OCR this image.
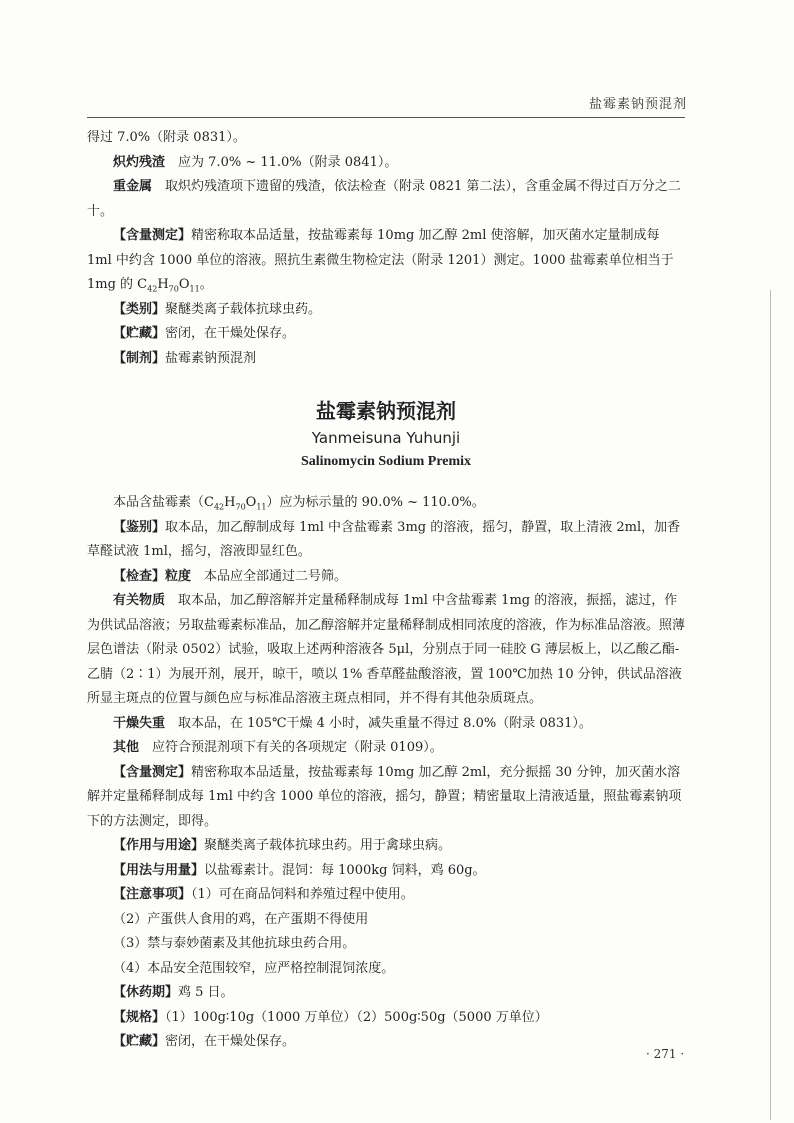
盐霉素钠预混剂

得过 7.0%（附录 0831）。

炽灼残渣　 应为 7.0% ~ 11.0%（附录 0841）。

重金属　 取炽灼残渣项下遗留的残渣，依法检查（附录 0821 第二法），含重金属不得过百万分之二十。

【含量测定】精密称取本品适量，按盐霉素每 10mg 加乙醇 2ml 使溶解，加灭菌水定量制成每 1ml 中约含 1000 单位的溶液。照抗生素微生物检定法（附录 1201）测定。1000 盐霉素单位相当于 1mg 的 $C_{42}H_{70}O_{11}$。

【类别】聚醚类离子载体抗球虫药。

【贮藏】密闭，在干燥处保存。

【制剂】盐霉素钠预混剂

盐霉素钠预混剂
Yanmeisuna Yuhunji
Salinomycin Sodium Premix

本品含盐霉素$(C_{42}H_{70}O_{11})$应为标示量的 90.0% ~ 110.0%。

【鉴别】取本品，加乙醇制成每 1ml 中含盐霉素 3mg 的溶液，摇匀，静置，取上清液 2ml，加香草醛试液 1ml，摇匀，溶液即显红色。

【检查】粒度　 本品应全部通过二号筛。

有关物质　 取本品，加乙醇溶解并定量稀释制成每 1ml 中含盐霉素 1mg 的溶液，振摇，滤过，作为供试品溶液；另取盐霉素标准品，加乙醇溶解并定量稀释制成相同浓度的溶液，作为标准品溶液。照薄层色谱法（附录 0502）试验，吸取上述两种溶液各 5μl，分别点于同一硅胶 G 薄层板上，以乙酸乙酯-乙腈（2∶1）为展开剂，展开，晾干，喷以 1% 香草醛盐酸溶液，置 100℃加热 10 分钟，供试品溶液所显主斑点的位置与颜色应与标准品溶液主斑点相同，并不得有其他杂质斑点。

干燥失重　 取本品，在 105℃干燥 4 小时，减失重量不得过 8.0%（附录 0831）。

其他　 应符合预混剂项下有关的各项规定（附录 0109）。

【含量测定】精密称取本品适量，按盐霉素每 10mg 加乙醇 2ml，充分振摇 30 分钟，加灭菌水溶解并定量稀释制成每 1ml 中约含 1000 单位的溶液，摇匀，静置；精密量取上清液适量，照盐霉素钠项下的方法测定，即得。

【作用与用途】聚醚类离子载体抗球虫药。用于禽球虫病。

【用法与用量】以盐霉素计。混饲：每 1000kg 饲料，鸡 60g。

【注意事项】（1）可在商品饲料和养殖过程中使用。

（2）产蛋供人食用的鸡，在产蛋期不得使用

（3）禁与泰妙菌素及其他抗球虫药合用。

（4）本品安全范围较窄，应严格控制混饲浓度。

【休药期】鸡 5 日。

【规格】（1）100g∶10g（1000 万单位）（2）500g∶50g（5000 万单位）

【贮藏】密闭，在干燥处保存。

· 271 ·
